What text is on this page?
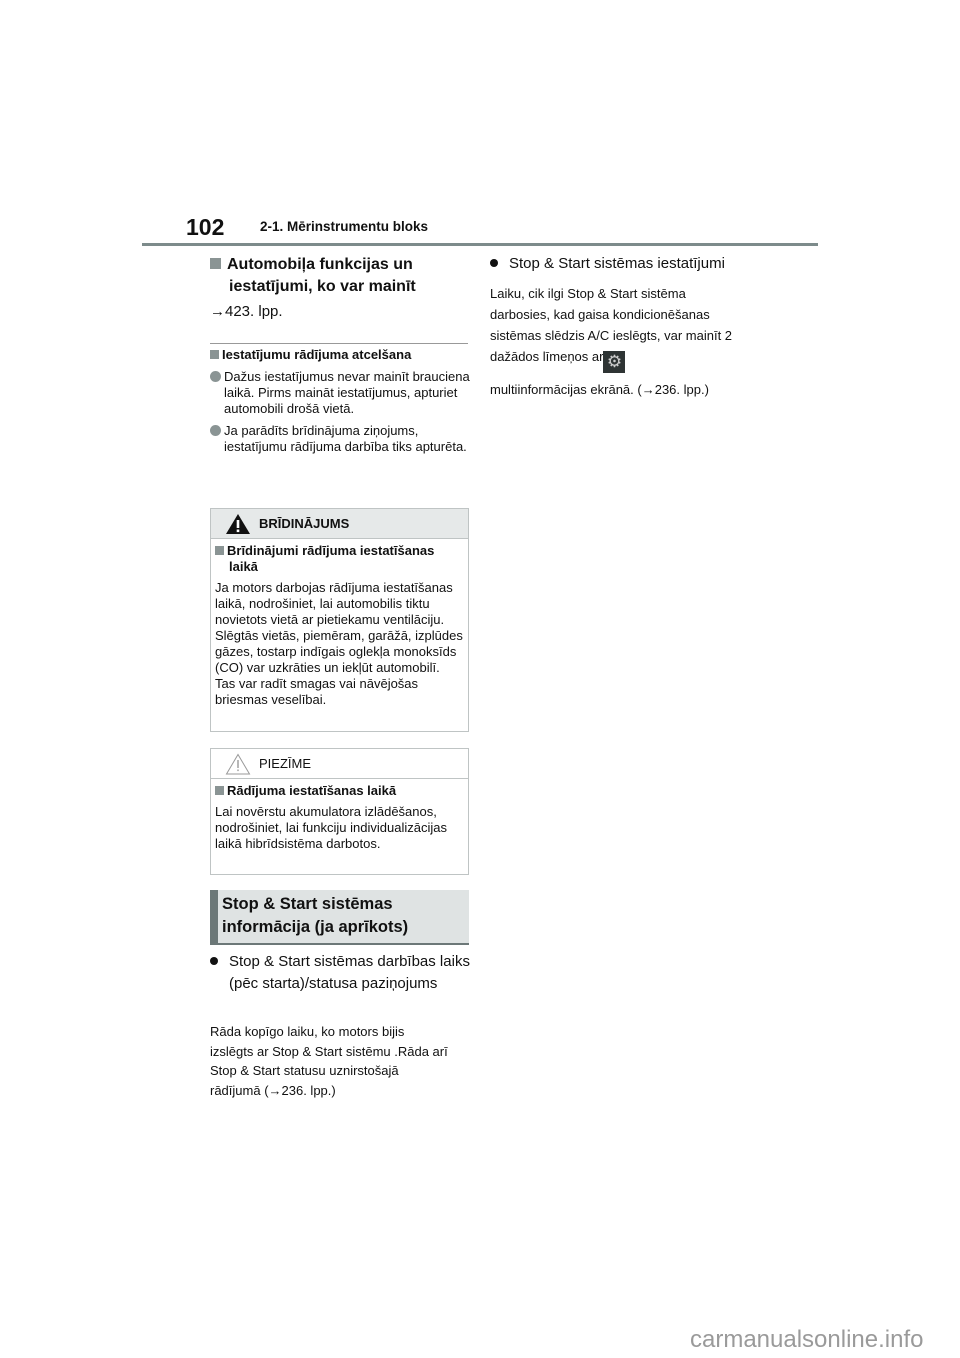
102	2-1. Mērinstrumentu bloks
Automobiļa funkcijas un iestatījumi, ko var mainīt
→423. lpp.
Iestatījumu rādījuma atcelšana
Dažus iestatījumus nevar mainīt brauciena laikā. Pirms maināt iestatījumus, apturiet automobili drošā vietā.
Ja parādīts brīdinājuma ziņojums, iestatījumu rādījuma darbība tiks apturēta.
BRĪDINĀJUMS
Brīdinājumi rādījuma iestatīšanas laikā
Ja motors darbojas rādījuma iestatīšanas laikā, nodrošiniet, lai automobilis tiktu novietots vietā ar pietiekamu ventilāciju. Slēgtās vietās, piemēram, garāžā, izplūdes gāzes, tostarp indīgais oglekļa monoksīds (CO) var uzkrāties un iekļūt automobilī. Tas var radīt smagas vai nāvējošas briesmas veselībai.
PIEZĪME
Rādījuma iestatīšanas laikā
Lai novērstu akumulatora izlādēšanos, nodrošiniet, lai funkciju individualizācijas laikā hibrīdsistēma darbotos.
Stop & Start sistēmas informācija (ja aprīkots)
Stop & Start sistēmas darbības laiks (pēc starta)/statusa paziņojums
Rāda kopīgo laiku, ko motors bijis izslēgts ar Stop & Start sistēmu .Rāda arī Stop & Start statusu uznirstošajā rādījumā (→236. lpp.)
Stop & Start sistēmas iestatījumi
Laiku, cik ilgi Stop & Start sistēma darbosies, kad gaisa kondicionēšanas sistēmas slēdzis A/C ieslēgts, var mainīt 2 dažādos līmeņos ar ⚙
multiinformācijas ekrānā. (→236. lpp.)
carmanualsonline.info
